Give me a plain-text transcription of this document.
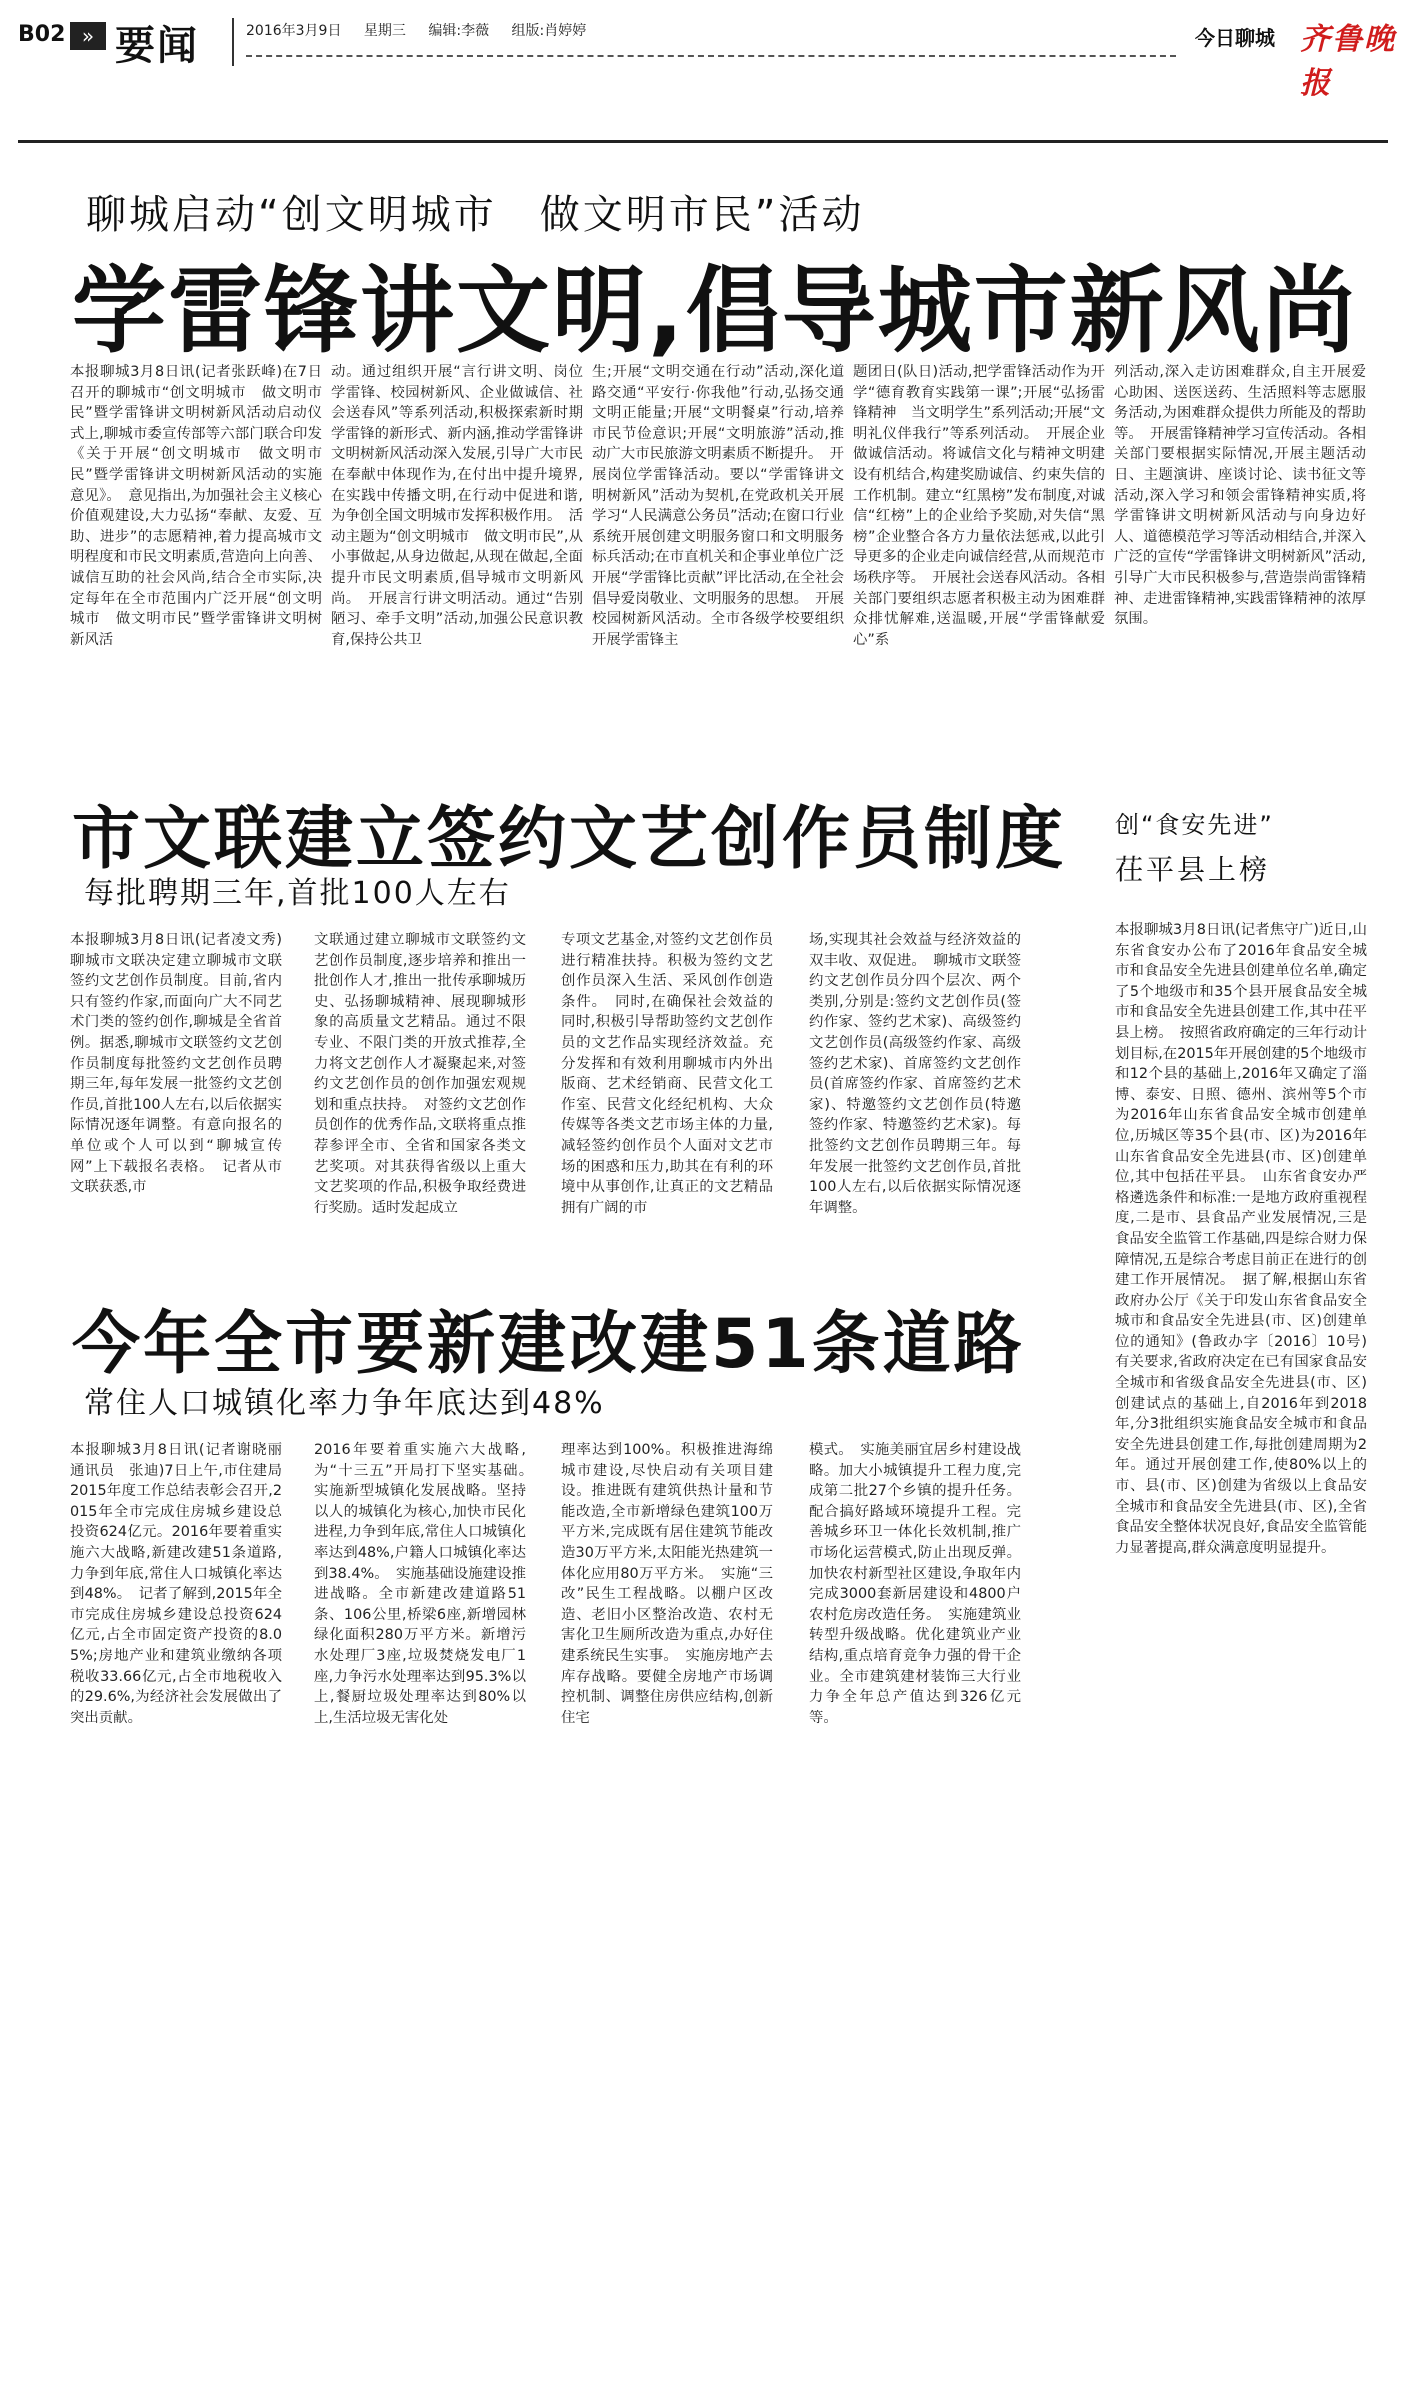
B02 » 要闻	2016年3月9日 星期三 编辑:李薇 组版:肖婷婷	今日聊城 齐鲁晚报
聊城启动“创文明城市　做文明市民”活动
学雷锋讲文明,倡导城市新风尚
本报聊城3月8日讯(记者张跃峰)在7日召开的聊城市“创文明城市　做文明市民”暨学雷锋讲文明树新风活动启动仪式上,聊城市委宣传部等六部门联合印发《关于开展“创文明城市　做文明市民”暨学雷锋讲文明树新风活动的实施意见》。　意见指出,为加强社会主义核心价值观建设,大力弘扬“奉献、友爱、互助、进步”的志愿精神,着力提高城市文明程度和市民文明素质,营造向上向善、诚信互助的社会风尚,结合全市实际,决定每年在全市范围内广泛开展“创文明城市　做文明市民”暨学雷锋讲文明树新风活
动。通过组织开展“言行讲文明、岗位学雷锋、校园树新风、企业做诚信、社会送春风”等系列活动,积极探索新时期学雷锋的新形式、新内涵,推动学雷锋讲文明树新风活动深入发展,引导广大市民在奉献中体现作为,在付出中提升境界,在实践中传播文明,在行动中促进和谐,为争创全国文明城市发挥积极作用。　活动主题为“创文明城市　做文明市民”,从小事做起,从身边做起,从现在做起,全面提升市民文明素质,倡导城市文明新风尚。　开展言行讲文明活动。通过“告别陋习、牵手文明”活动,加强公民意识教育,保持公共卫
生;开展“文明交通在行动”活动,深化道路交通“平安行·你我他”行动,弘扬交通文明正能量;开展“文明餐桌”行动,培养市民节俭意识;开展“文明旅游”活动,推动广大市民旅游文明素质不断提升。　开展岗位学雷锋活动。要以“学雷锋讲文明树新风”活动为契机,在党政机关开展学习“人民满意公务员”活动;在窗口行业系统开展创建文明服务窗口和文明服务标兵活动;在市直机关和企事业单位广泛开展“学雷锋比贡献”评比活动,在全社会倡导爱岗敬业、文明服务的思想。　开展校园树新风活动。全市各级学校要组织开展学雷锋主
题团日(队日)活动,把学雷锋活动作为开学“德育教育实践第一课”;开展“弘扬雷锋精神　当文明学生”系列活动;开展“文明礼仪伴我行”等系列活动。　开展企业做诚信活动。将诚信文化与精神文明建设有机结合,构建奖励诚信、约束失信的工作机制。建立“红黑榜”发布制度,对诚信“红榜”上的企业给予奖励,对失信“黑榜”企业整合各方力量依法惩戒,以此引导更多的企业走向诚信经营,从而规范市场秩序等。　开展社会送春风活动。各相关部门要组织志愿者积极主动为困难群众排忧解难,送温暖,开展“学雷锋献爱心”系
列活动,深入走访困难群众,自主开展爱心助困、送医送药、生活照料等志愿服务活动,为困难群众提供力所能及的帮助等。　开展雷锋精神学习宣传活动。各相关部门要根据实际情况,开展主题活动日、主题演讲、座谈讨论、读书征文等活动,深入学习和领会雷锋精神实质,将学雷锋讲文明树新风活动与向身边好人、道德模范学习等活动相结合,并深入广泛的宣传“学雷锋讲文明树新风”活动,引导广大市民积极参与,营造崇尚雷锋精神、走进雷锋精神,实践雷锋精神的浓厚氛围。
市文联建立签约文艺创作员制度
每批聘期三年,首批100人左右
本报聊城3月8日讯(记者凌文秀)聊城市文联决定建立聊城市文联签约文艺创作员制度。目前,省内只有签约作家,而面向广大不同艺术门类的签约创作,聊城是全省首例。据悉,聊城市文联签约文艺创作员制度每批签约文艺创作员聘期三年,每年发展一批签约文艺创作员,首批100人左右,以后依据实际情况逐年调整。有意向报名的单位或个人可以到“聊城宣传网”上下载报名表格。　记者从市文联获悉,市
文联通过建立聊城市文联签约文艺创作员制度,逐步培养和推出一批创作人才,推出一批传承聊城历史、弘扬聊城精神、展现聊城形象的高质量文艺精品。通过不限专业、不限门类的开放式推荐,全力将文艺创作人才凝聚起来,对签约文艺创作员的创作加强宏观规划和重点扶持。　对签约文艺创作员创作的优秀作品,文联将重点推荐参评全市、全省和国家各类文艺奖项。对其获得省级以上重大文艺奖项的作品,积极争取经费进行奖励。适时发起成立
专项文艺基金,对签约文艺创作员进行精准扶持。积极为签约文艺创作员深入生活、采风创作创造条件。　同时,在确保社会效益的同时,积极引导帮助签约文艺创作员的文艺作品实现经济效益。充分发挥和有效利用聊城市内外出版商、艺术经销商、民营文化工作室、民营文化经纪机构、大众传媒等各类文艺市场主体的力量,减轻签约创作员个人面对文艺市场的困惑和压力,助其在有利的环境中从事创作,让真正的文艺精品拥有广阔的市
场,实现其社会效益与经济效益的双丰收、双促进。　聊城市文联签约文艺创作员分四个层次、两个类别,分别是:签约文艺创作员(签约作家、签约艺术家)、高级签约文艺创作员(高级签约作家、高级签约艺术家)、首席签约文艺创作员(首席签约作家、首席签约艺术家)、特邀签约文艺创作员(特邀签约作家、特邀签约艺术家)。每批签约文艺创作员聘期三年。每年发展一批签约文艺创作员,首批100人左右,以后依据实际情况逐年调整。
今年全市要新建改建51条道路
常住人口城镇化率力争年底达到48%
本报聊城3月8日讯(记者谢晓丽　通讯员　张迪)7日上午,市住建局2015年度工作总结表彰会召开,2015年全市完成住房城乡建设总投资624亿元。2016年要着重实施六大战略,新建改建51条道路,力争到年底,常住人口城镇化率达到48%。　记者了解到,2015年全市完成住房城乡建设总投资624亿元,占全市固定资产投资的8.05%;房地产业和建筑业缴纳各项税收33.66亿元,占全市地税收入的29.6%,为经济社会发展做出了突出贡献。
2016年要着重实施六大战略,为“十三五”开局打下坚实基础。　实施新型城镇化发展战略。坚持以人的城镇化为核心,加快市民化进程,力争到年底,常住人口城镇化率达到48%,户籍人口城镇化率达到38.4%。　实施基础设施建设推进战略。全市新建改建道路51条、106公里,桥梁6座,新增园林绿化面积280万平方米。新增污水处理厂3座,垃圾焚烧发电厂1座,力争污水处理率达到95.3%以上,餐厨垃圾处理率达到80%以上,生活垃圾无害化处
理率达到100%。积极推进海绵城市建设,尽快启动有关项目建设。推进既有建筑供热计量和节能改造,全市新增绿色建筑100万平方米,完成既有居住建筑节能改造30万平方米,太阳能光热建筑一体化应用80万平方米。　实施“三改”民生工程战略。以棚户区改造、老旧小区整治改造、农村无害化卫生厕所改造为重点,办好住建系统民生实事。　实施房地产去库存战略。要健全房地产市场调控机制、调整住房供应结构,创新住宅
模式。　实施美丽宜居乡村建设战略。加大小城镇提升工程力度,完成第二批27个乡镇的提升任务。配合搞好路域环境提升工程。完善城乡环卫一体化长效机制,推广市场化运营模式,防止出现反弹。加快农村新型社区建设,争取年内完成3000套新居建设和4800户农村危房改造任务。　实施建筑业转型升级战略。优化建筑业产业结构,重点培育竞争力强的骨干企业。全市建筑建材装饰三大行业力争全年总产值达到326亿元等。
创“食安先进”
茌平县上榜
本报聊城3月8日讯(记者焦守广)近日,山东省食安办公布了2016年食品安全城市和食品安全先进县创建单位名单,确定了5个地级市和35个县开展食品安全城市和食品安全先进县创建工作,其中茌平县上榜。　按照省政府确定的三年行动计划目标,在2015年开展创建的5个地级市和12个县的基础上,2016年又确定了淄博、泰安、日照、德州、滨州等5个市为2016年山东省食品安全城市创建单位,历城区等35个县(市、区)为2016年山东省食品安全先进县(市、区)创建单位,其中包括茌平县。　山东省食安办严格遴选条件和标准:一是地方政府重视程度,二是市、县食品产业发展情况,三是食品安全监管工作基础,四是综合财力保障情况,五是综合考虑目前正在进行的创建工作开展情况。　据了解,根据山东省政府办公厅《关于印发山东省食品安全城市和食品安全先进县(市、区)创建单位的通知》(鲁政办字〔2016〕10号)有关要求,省政府决定在已有国家食品安全城市和省级食品安全先进县(市、区)创建试点的基础上,自2016年到2018年,分3批组织实施食品安全城市和食品安全先进县创建工作,每批创建周期为2年。通过开展创建工作,使80%以上的市、县(市、区)创建为省级以上食品安全城市和食品安全先进县(市、区),全省食品安全整体状况良好,食品安全监管能力显著提高,群众满意度明显提升。
